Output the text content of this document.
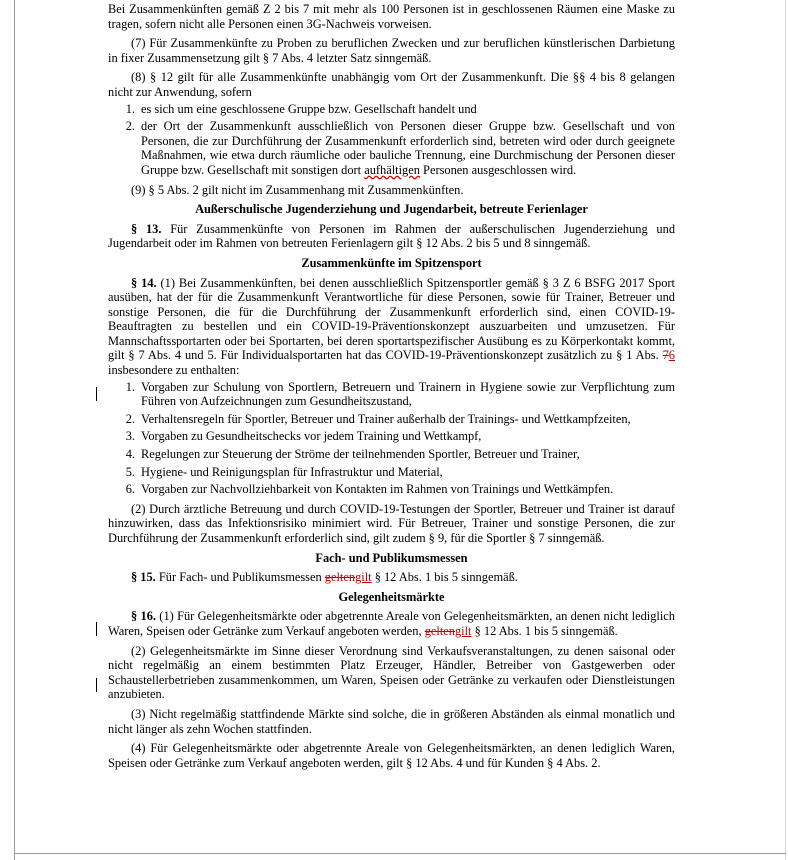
Bei Zusammenkünften gemäß Z 2 bis 7 mit mehr als 100 Personen ist in geschlossenen Räumen eine Maske zu tragen, sofern nicht alle Personen einen 3G-Nachweis vorweisen.

(7) Für Zusammenkünfte zu Proben zu beruflichen Zwecken und zur beruflichen künstlerischen Darbietung in fixer Zusammensetzung gilt § 7 Abs. 4 letzter Satz sinngemäß.

(8) § 12 gilt für alle Zusammenkünfte unabhängig vom Ort der Zusammenkunft. Die §§ 4 bis 8 gelangen nicht zur Anwendung, sofern

1. es sich um eine geschlossene Gruppe bzw. Gesellschaft handelt und
2. der Ort der Zusammenkunft ausschließlich von Personen dieser Gruppe bzw. Gesellschaft und von Personen, die zur Durchführung der Zusammenkunft erforderlich sind, betreten wird oder durch geeignete Maßnahmen, wie etwa durch räumliche oder bauliche Trennung, eine Durchmischung der Personen dieser Gruppe bzw. Gesellschaft mit sonstigen dort aufhältigen Personen ausgeschlossen wird.

(9) § 5 Abs. 2 gilt nicht im Zusammenhang mit Zusammenkünften.

Außerschulische Jugenderziehung und Jugendarbeit, betreute Ferienlager

§ 13. Für Zusammenkünfte von Personen im Rahmen der außerschulischen Jugenderziehung und Jugendarbeit oder im Rahmen von betreuten Ferienlagern gilt § 12 Abs. 2 bis 5 und 8 sinngemäß.

Zusammenkünfte im Spitzensport

§ 14. (1) Bei Zusammenkünften, bei denen ausschließlich Spitzensportler gemäß § 3 Z 6 BSFG 2017 Sport ausüben, hat der für die Zusammenkunft Verantwortliche für diese Personen, sowie für Trainer, Betreuer und sonstige Personen, die für die Durchführung der Zusammenkunft erforderlich sind, einen COVID-19-Beauftragten zu bestellen und ein COVID-19-Präventionskonzept auszuarbeiten und umzusetzen. Für Mannschaftssportarten oder bei Sportarten, bei deren sportartspezifischer Ausübung es zu Körperkontakt kommt, gilt § 7 Abs. 4 und 5. Für Individualsportarten hat das COVID-19-Präventionskonzept zusätzlich zu § 1 Abs. 76 insbesondere zu enthalten:

1. Vorgaben zur Schulung von Sportlern, Betreuern und Trainern in Hygiene sowie zur Verpflichtung zum Führen von Aufzeichnungen zum Gesundheitszustand,
2. Verhaltensregeln für Sportler, Betreuer und Trainer außerhalb der Trainings- und Wettkampfzeiten,
3. Vorgaben zu Gesundheitschecks vor jedem Training und Wettkampf,
4. Regelungen zur Steuerung der Ströme der teilnehmenden Sportler, Betreuer und Trainer,
5. Hygiene- und Reinigungsplan für Infrastruktur und Material,
6. Vorgaben zur Nachvollziehbarkeit von Kontakten im Rahmen von Trainings und Wettkämpfen.

(2) Durch ärztliche Betreuung und durch COVID-19-Testungen der Sportler, Betreuer und Trainer ist darauf hinzuwirken, dass das Infektionsrisiko minimiert wird. Für Betreuer, Trainer und sonstige Personen, die zur Durchführung der Zusammenkunft erforderlich sind, gilt zudem § 9, für die Sportler § 7 sinngemäß.

Fach- und Publikumsmessen

§ 15. Für Fach- und Publikumsmessen geltengilt § 12 Abs. 1 bis 5 sinngemäß.

Gelegenheitsmärkte

§ 16. (1) Für Gelegenheitsmärkte oder abgetrennte Areale von Gelegenheitsmärkten, an denen nicht lediglich Waren, Speisen oder Getränke zum Verkauf angeboten werden, geltengilt § 12 Abs. 1 bis 5 sinngemäß.

(2) Gelegenheitsmärkte im Sinne dieser Verordnung sind Verkaufsveranstaltungen, zu denen saisonal oder nicht regelmäßig an einem bestimmten Platz Erzeuger, Händler, Betreiber von Gastgewerben oder Schaustellerbetrieben zusammenkommen, um Waren, Speisen oder Getränke zu verkaufen oder Dienstleistungen anzubieten.

(3) Nicht regelmäßig stattfindende Märkte sind solche, die in größeren Abständen als einmal monatlich und nicht länger als zehn Wochen stattfinden.

(4) Für Gelegenheitsmärkte oder abgetrennte Areale von Gelegenheitsmärkten, an denen lediglich Waren, Speisen oder Getränke zum Verkauf angeboten werden, gilt § 12 Abs. 4 und für Kunden § 4 Abs. 2.
